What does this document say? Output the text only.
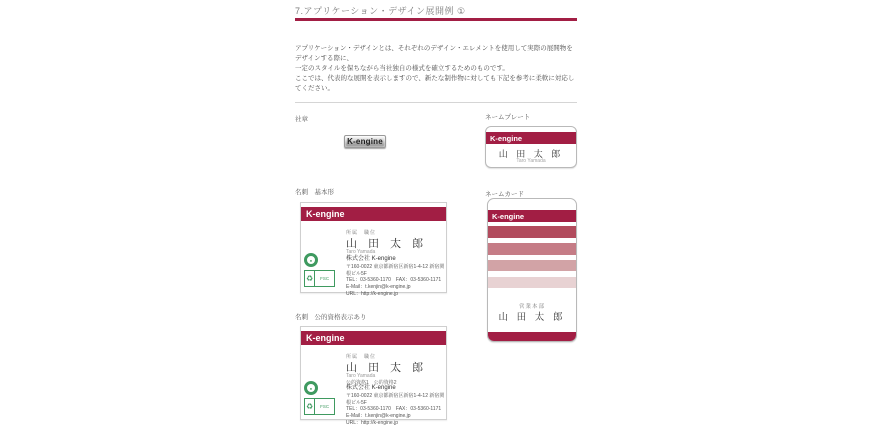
7.アプリケーション・デザイン展開例 ①
アプリケーション・デザインとは、それぞれのデザイン・エレメントを使用して実際の展開物をデザインする際に、
一定のスタイルを保ちながら当社独自の様式を確立するためのものです。
ここでは、代表的な展開を表示しますので、新たな制作物に対しても下記を参考に柔軟に対応してください。
社章
K-engine
ネームプレート
K-engine
山 田 太 郎
Taro Yamada
名刺　基本形
K-engine
所属　職位
山 田 太 郎
Taro Yamada
●
♻	FSC
株式会社 K-engine
〒160-0022 東京都新宿区新宿1-4-12 新宿関根ビル5F
TEL：03-5360-1170　FAX：03-5360-1171
E-Mail：t.kenjin@k-engine.jp
URL：http://k-engine.jp
ネームカード
K-engine
営業本部
山 田 太 郎
名刺　公的資格表示あり
K-engine
所属　職位
山 田 太 郎
Taro Yamada
公的資格1　公的資格2
●
♻	FSC
株式会社 K-engine
〒160-0022 東京都新宿区新宿1-4-12 新宿関根ビル5F
TEL：03-5360-1170　FAX：03-5360-1171
E-Mail：t.kenjin@k-engine.jp
URL：http://k-engine.jp
